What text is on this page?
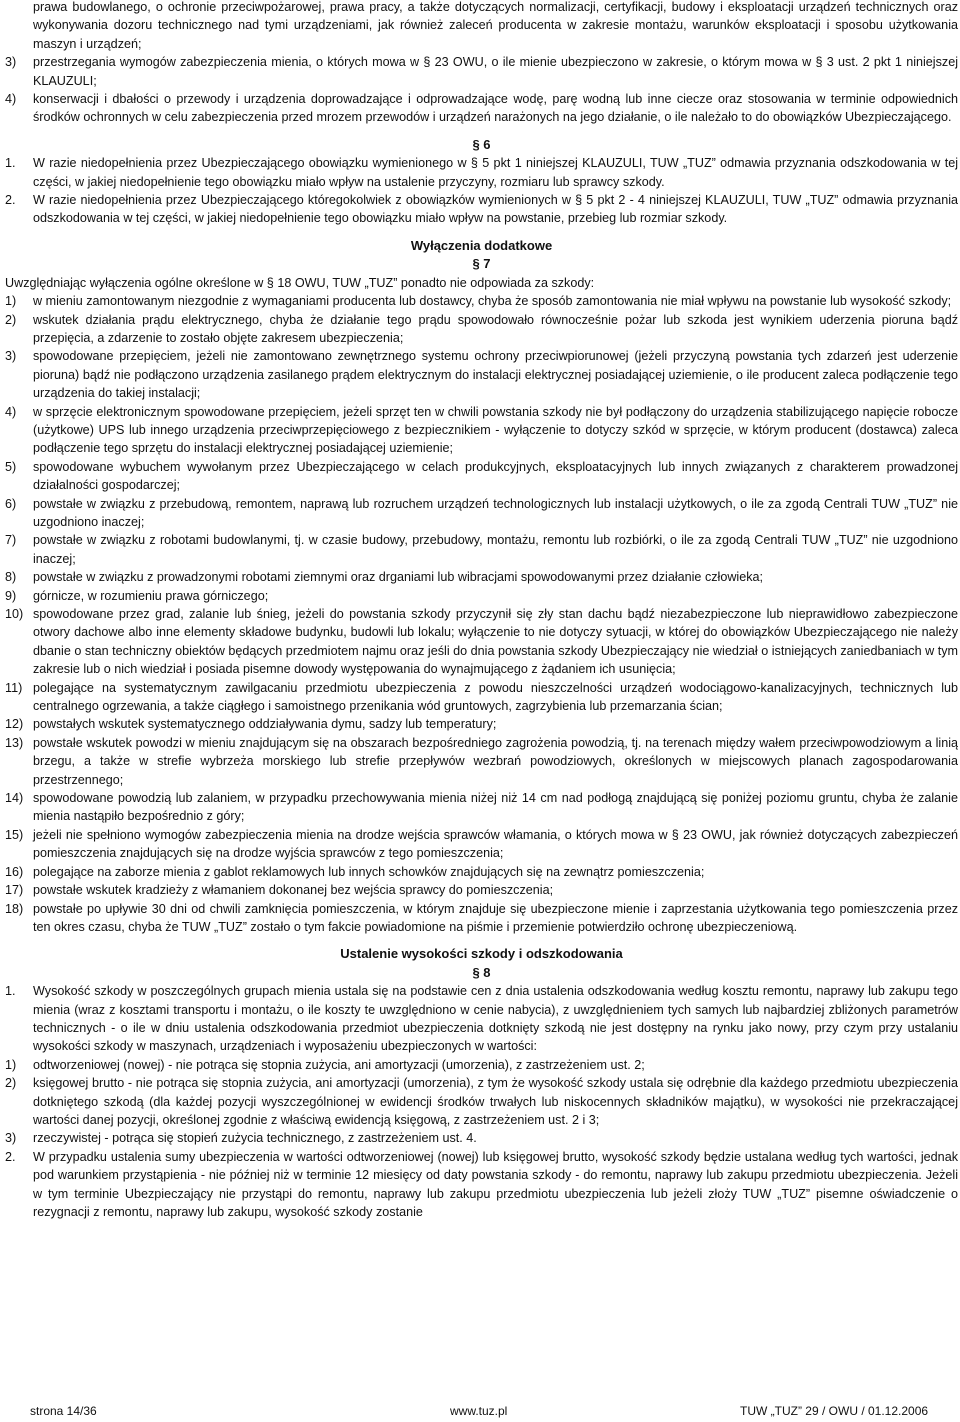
prawa budowlanego, o ochronie przeciwpożarowej, prawa pracy, a także dotyczących normalizacji, certyfikacji, budowy i eksploatacji urządzeń technicznych oraz wykonywania dozoru technicznego nad tymi urządzeniami, jak również zaleceń producenta w zakresie montażu, warunków eksploatacji i sposobu użytkowania maszyn i urządzeń;

3)	przestrzegania wymogów zabezpieczenia mienia, o których mowa w § 23 OWU, o ile mienie ubezpieczono w zakresie, o którym mowa w § 3 ust. 2 pkt 1 niniejszej KLAUZULI;
4)	konserwacji i dbałości o przewody i urządzenia doprowadzające i odprowadzające wodę, parę wodną lub inne ciecze oraz stosowania w terminie odpowiednich środków ochronnych w celu zabezpieczenia przed mrozem przewodów i urządzeń narażonych na jego działanie, o ile należało to do obowiązków Ubezpieczającego.
§ 6
1.	W razie niedopełnienia przez Ubezpieczającego obowiązku wymienionego w § 5 pkt 1 niniejszej KLAUZULI, TUW „TUZ” odmawia przyznania odszkodowania w tej części, w jakiej niedopełnienie tego obowiązku miało wpływ na ustalenie przyczyny, rozmiaru lub sprawcy szkody.
2.	W razie niedopełnienia przez Ubezpieczającego któregokolwiek z obowiązków wymienionych w § 5 pkt 2 - 4 niniejszej KLAUZULI, TUW „TUZ” odmawia przyznania odszkodowania w tej części, w jakiej niedopełnienie tego obowiązku miało wpływ na powstanie, przebieg lub rozmiar szkody.
Wyłączenia dodatkowe
§ 7

Uwzględniając wyłączenia ogólne określone w § 18 OWU, TUW „TUZ” ponadto nie odpowiada za szkody:

1)	w mieniu zamontowanym niezgodnie z wymaganiami producenta lub dostawcy, chyba że sposób zamontowania nie miał wpływu na powstanie lub wysokość szkody;
2)	wskutek działania prądu elektrycznego, chyba że działanie tego prądu spowodowało równocześnie pożar lub szkoda jest wynikiem uderzenia pioruna bądź przepięcia, a zdarzenie to zostało objęte zakresem ubezpieczenia;
3)	spowodowane przepięciem, jeżeli nie zamontowano zewnętrznego systemu ochrony przeciwpiorunowej (jeżeli przyczyną powstania tych zdarzeń jest uderzenie pioruna) bądź nie podłączono urządzenia zasilanego prądem elektrycznym do instalacji elektrycznej posiadającej uziemienie, o ile producent zaleca podłączenie tego urządzenia do takiej instalacji;
4)	w sprzęcie elektronicznym spowodowane przepięciem, jeżeli sprzęt ten w chwili powstania szkody nie był podłączony do urządzenia stabilizującego napięcie robocze (użytkowe) UPS lub innego urządzenia przeciwprzepięciowego z bezpiecznikiem - wyłączenie to dotyczy szkód w sprzęcie, w którym producent (dostawca) zaleca podłączenie tego sprzętu do instalacji elektrycznej posiadającej uziemienie;
5)	spowodowane wybuchem wywołanym przez Ubezpieczającego w celach produkcyjnych, eksploatacyjnych lub innych związanych z charakterem prowadzonej działalności gospodarczej;
6)	powstałe w związku z przebudową, remontem, naprawą lub rozruchem urządzeń technologicznych lub instalacji użytkowych, o ile za zgodą Centrali TUW „TUZ” nie uzgodniono inaczej;
7)	powstałe w związku z robotami budowlanymi, tj. w czasie budowy, przebudowy, montażu, remontu lub rozbiórki, o ile za zgodą Centrali TUW „TUZ” nie uzgodniono inaczej;
8)	powstałe w związku z prowadzonymi robotami ziemnymi oraz drganiami lub wibracjami spowodowanymi przez działanie człowieka;
9)	górnicze, w rozumieniu prawa górniczego;
10) spowodowane przez grad, zalanie lub śnieg, jeżeli do powstania szkody przyczynił się zły stan dachu bądź niezabezpieczone lub nieprawidłowo zabezpieczone otwory dachowe albo inne elementy składowe budynku, budowli lub lokalu; wyłączenie to nie dotyczy sytuacji, w której do obowiązków Ubezpieczającego nie należy dbanie o stan techniczny obiektów będących przedmiotem najmu oraz jeśli do dnia powstania szkody Ubezpieczający nie wiedział o istniejących zaniedbaniach w tym zakresie lub o nich wiedział i posiada pisemne dowody występowania do wynajmującego z żądaniem ich usunięcia;
11) polegające na systematycznym zawilgacaniu przedmiotu ubezpieczenia z powodu nieszczelności urządzeń wodociągowo-kanalizacyjnych, technicznych lub centralnego ogrzewania, a także ciągłego i samoistnego przenikania wód gruntowych, zagrzybienia lub przemarzania ścian;
12) powstałych wskutek systematycznego oddziaływania dymu, sadzy lub temperatury;
13) powstałe wskutek powodzi w mieniu znajdującym się na obszarach bezpośredniego zagrożenia powodzią, tj. na terenach między wałem przeciwpowodziowym a linią brzegu, a także w strefie wybrzeża morskiego lub strefie przepływów wezbrań powodziowych, określonych w miejscowych planach zagospodarowania przestrzennego;
14) spowodowane powodzią lub zalaniem, w przypadku przechowywania mienia niżej niż 14 cm nad podłogą znajdującą się poniżej poziomu gruntu, chyba że zalanie mienia nastąpiło bezpośrednio z góry;
15) jeżeli nie spełniono wymogów zabezpieczenia mienia na drodze wejścia sprawców włamania, o których mowa w § 23 OWU, jak również dotyczących zabezpieczeń pomieszczenia znajdujących się na drodze wyjścia sprawców z tego pomieszczenia;
16) polegające na zaborze mienia z gablot reklamowych lub innych schowków znajdujących się na zewnątrz pomieszczenia;
17) powstałe wskutek kradzieży z włamaniem dokonanej bez wejścia sprawcy do pomieszczenia;
18) powstałe po upływie 30 dni od chwili zamknięcia pomieszczenia, w którym znajduje się ubezpieczone mienie i zaprzestania użytkowania tego pomieszczenia przez ten okres czasu, chyba że TUW „TUZ” zostało o tym fakcie powiadomione na piśmie i przemienie potwierdziło ochronę ubezpieczeniową.
Ustalenie wysokości szkody i odszkodowania
§ 8
1.	Wysokość szkody w poszczególnych grupach mienia ustala się na podstawie cen z dnia ustalenia odszkodowania według kosztu remontu, naprawy lub zakupu tego mienia (wraz z kosztami transportu i montażu, o ile koszty te uwzględniono w cenie nabycia), z uwzględnieniem tych samych lub najbardziej zbliżonych parametrów technicznych - o ile w dniu ustalenia odszkodowania przedmiot ubezpieczenia dotknięty szkodą nie jest dostępny na rynku jako nowy, przy czym przy ustalaniu wysokości szkody w maszynach, urządzeniach i wyposażeniu ubezpieczonych w wartości:
1)	odtworzeniowej (nowej) - nie potrąca się stopnia zużycia, ani amortyzacji (umorzenia), z zastrzeżeniem ust. 2;
2)	księgowej brutto - nie potrąca się stopnia zużycia, ani amortyzacji (umorzenia), z tym że wysokość szkody ustala się odrębnie dla każdego przedmiotu ubezpieczenia dotkniętego szkodą (dla każdej pozycji wyszczególnionej w ewidencji środków trwałych lub niskocennych składników majątku), w wysokości nie przekraczającej wartości danej pozycji, określonej zgodnie z właściwą ewidencją księgową, z zastrzeżeniem ust. 2 i 3;
3)	rzeczywistej - potrąca się stopień zużycia technicznego, z zastrzeżeniem ust. 4.
2.	W przypadku ustalenia sumy ubezpieczenia w wartości odtworzeniowej (nowej) lub księgowej brutto, wysokość szkody będzie ustalana według tych wartości, jednak pod warunkiem przystąpienia - nie później niż w terminie 12 miesięcy od daty powstania szkody - do remontu, naprawy lub zakupu przedmiotu ubezpieczenia. Jeżeli w tym terminie Ubezpieczający nie przystąpi do remontu, naprawy lub zakupu przedmiotu ubezpieczenia lub jeżeli złoży TUW „TUZ” pisemne oświadczenie o rezygnacji z remontu, naprawy lub zakupu, wysokość szkody zostanie
strona 14/36	www.tuz.pl	TUW „TUZ” 29 / OWU / 01.12.2006
